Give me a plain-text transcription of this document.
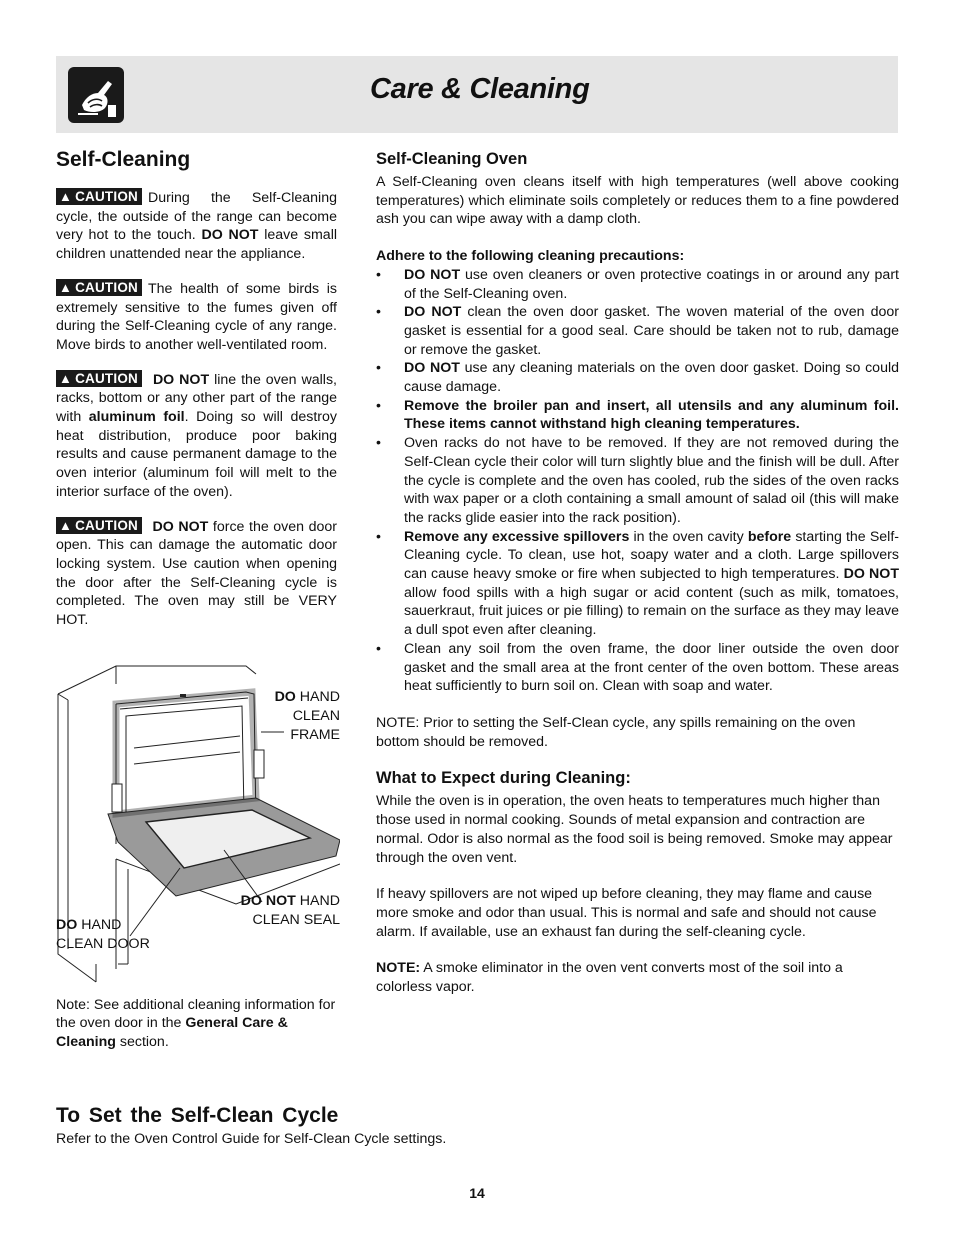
Care & Cleaning
Self-Cleaning

▲ CAUTION During the Self-Cleaning cycle, the outside of the range can become very hot to the touch. DO NOT leave small children unattended near the appliance.

▲ CAUTION The health of some birds is extremely sensitive to the fumes given off during the Self-Cleaning cycle of any range. Move birds to another well-ventilated room.

▲ CAUTION DO NOT line the oven walls, racks, bottom or any other part of the range with aluminum foil. Doing so will destroy heat distribution, produce poor baking results and cause permanent damage to the oven interior (aluminum foil will melt to the interior surface of the oven).

▲ CAUTION DO NOT force the oven door open. This can damage the automatic door locking system. Use caution when opening the door after the Self-Cleaning cycle is completed. The oven may still be VERY HOT.

DO HAND
CLEAN
FRAME
DO NOT HAND
CLEAN SEAL
DO HAND
CLEAN DOOR

Note: See additional cleaning information for the oven door in the General Care & Cleaning section.

Self-Cleaning Oven

A Self-Cleaning oven cleans itself with high temperatures (well above cooking temperatures) which eliminate soils completely or reduces them to a fine powdered ash you can wipe away with a damp cloth.

Adhere to the following cleaning precautions:

• DO NOT use oven cleaners or oven protective coatings in or around any part of the Self-Cleaning oven.
• DO NOT clean the oven door gasket. The woven material of the oven door gasket is essential for a good seal. Care should be taken not to rub, damage or remove the gasket.
• DO NOT use any cleaning materials on the oven door gasket. Doing so could cause damage.
• Remove the broiler pan and insert, all utensils and any aluminum foil. These items cannot withstand high cleaning temperatures.
• Oven racks do not have to be removed. If they are not removed during the Self-Clean cycle their color will turn slightly blue and the finish will be dull. After the cycle is complete and the oven has cooled, rub the sides of the oven racks with wax paper or a cloth containing a small amount of salad oil (this will make the racks glide easier into the rack position).
• Remove any excessive spillovers in the oven cavity before starting the Self-Cleaning cycle. To clean, use hot, soapy water and a cloth. Large spillovers can cause heavy smoke or fire when subjected to high temperatures. DO NOT allow food spills with a high sugar or acid content (such as milk, tomatoes, sauerkraut, fruit juices or pie filling) to remain on the surface as they may leave a dull spot even after cleaning.
• Clean any soil from the oven frame, the door liner outside the oven door gasket and the small area at the front center of the oven bottom. These areas heat sufficiently to burn soil on. Clean with soap and water.

NOTE: Prior to setting the Self-Clean cycle, any spills remaining on the oven bottom should be removed.

What to Expect during Cleaning:

While the oven is in operation, the oven heats to temperatures much higher than those used in normal cooking. Sounds of metal expansion and contraction are normal. Odor is also normal as the food soil is being removed. Smoke may appear through the oven vent.

If heavy spillovers are not wiped up before cleaning, they may flame and cause more smoke and odor than usual. This is normal and safe and should not cause alarm. If available, use an exhaust fan during the self-cleaning cycle.

NOTE: A smoke eliminator in the oven vent converts most of the soil into a colorless vapor.

To Set the Self-Clean Cycle

Refer to the Oven Control Guide for Self-Clean Cycle settings.

14
